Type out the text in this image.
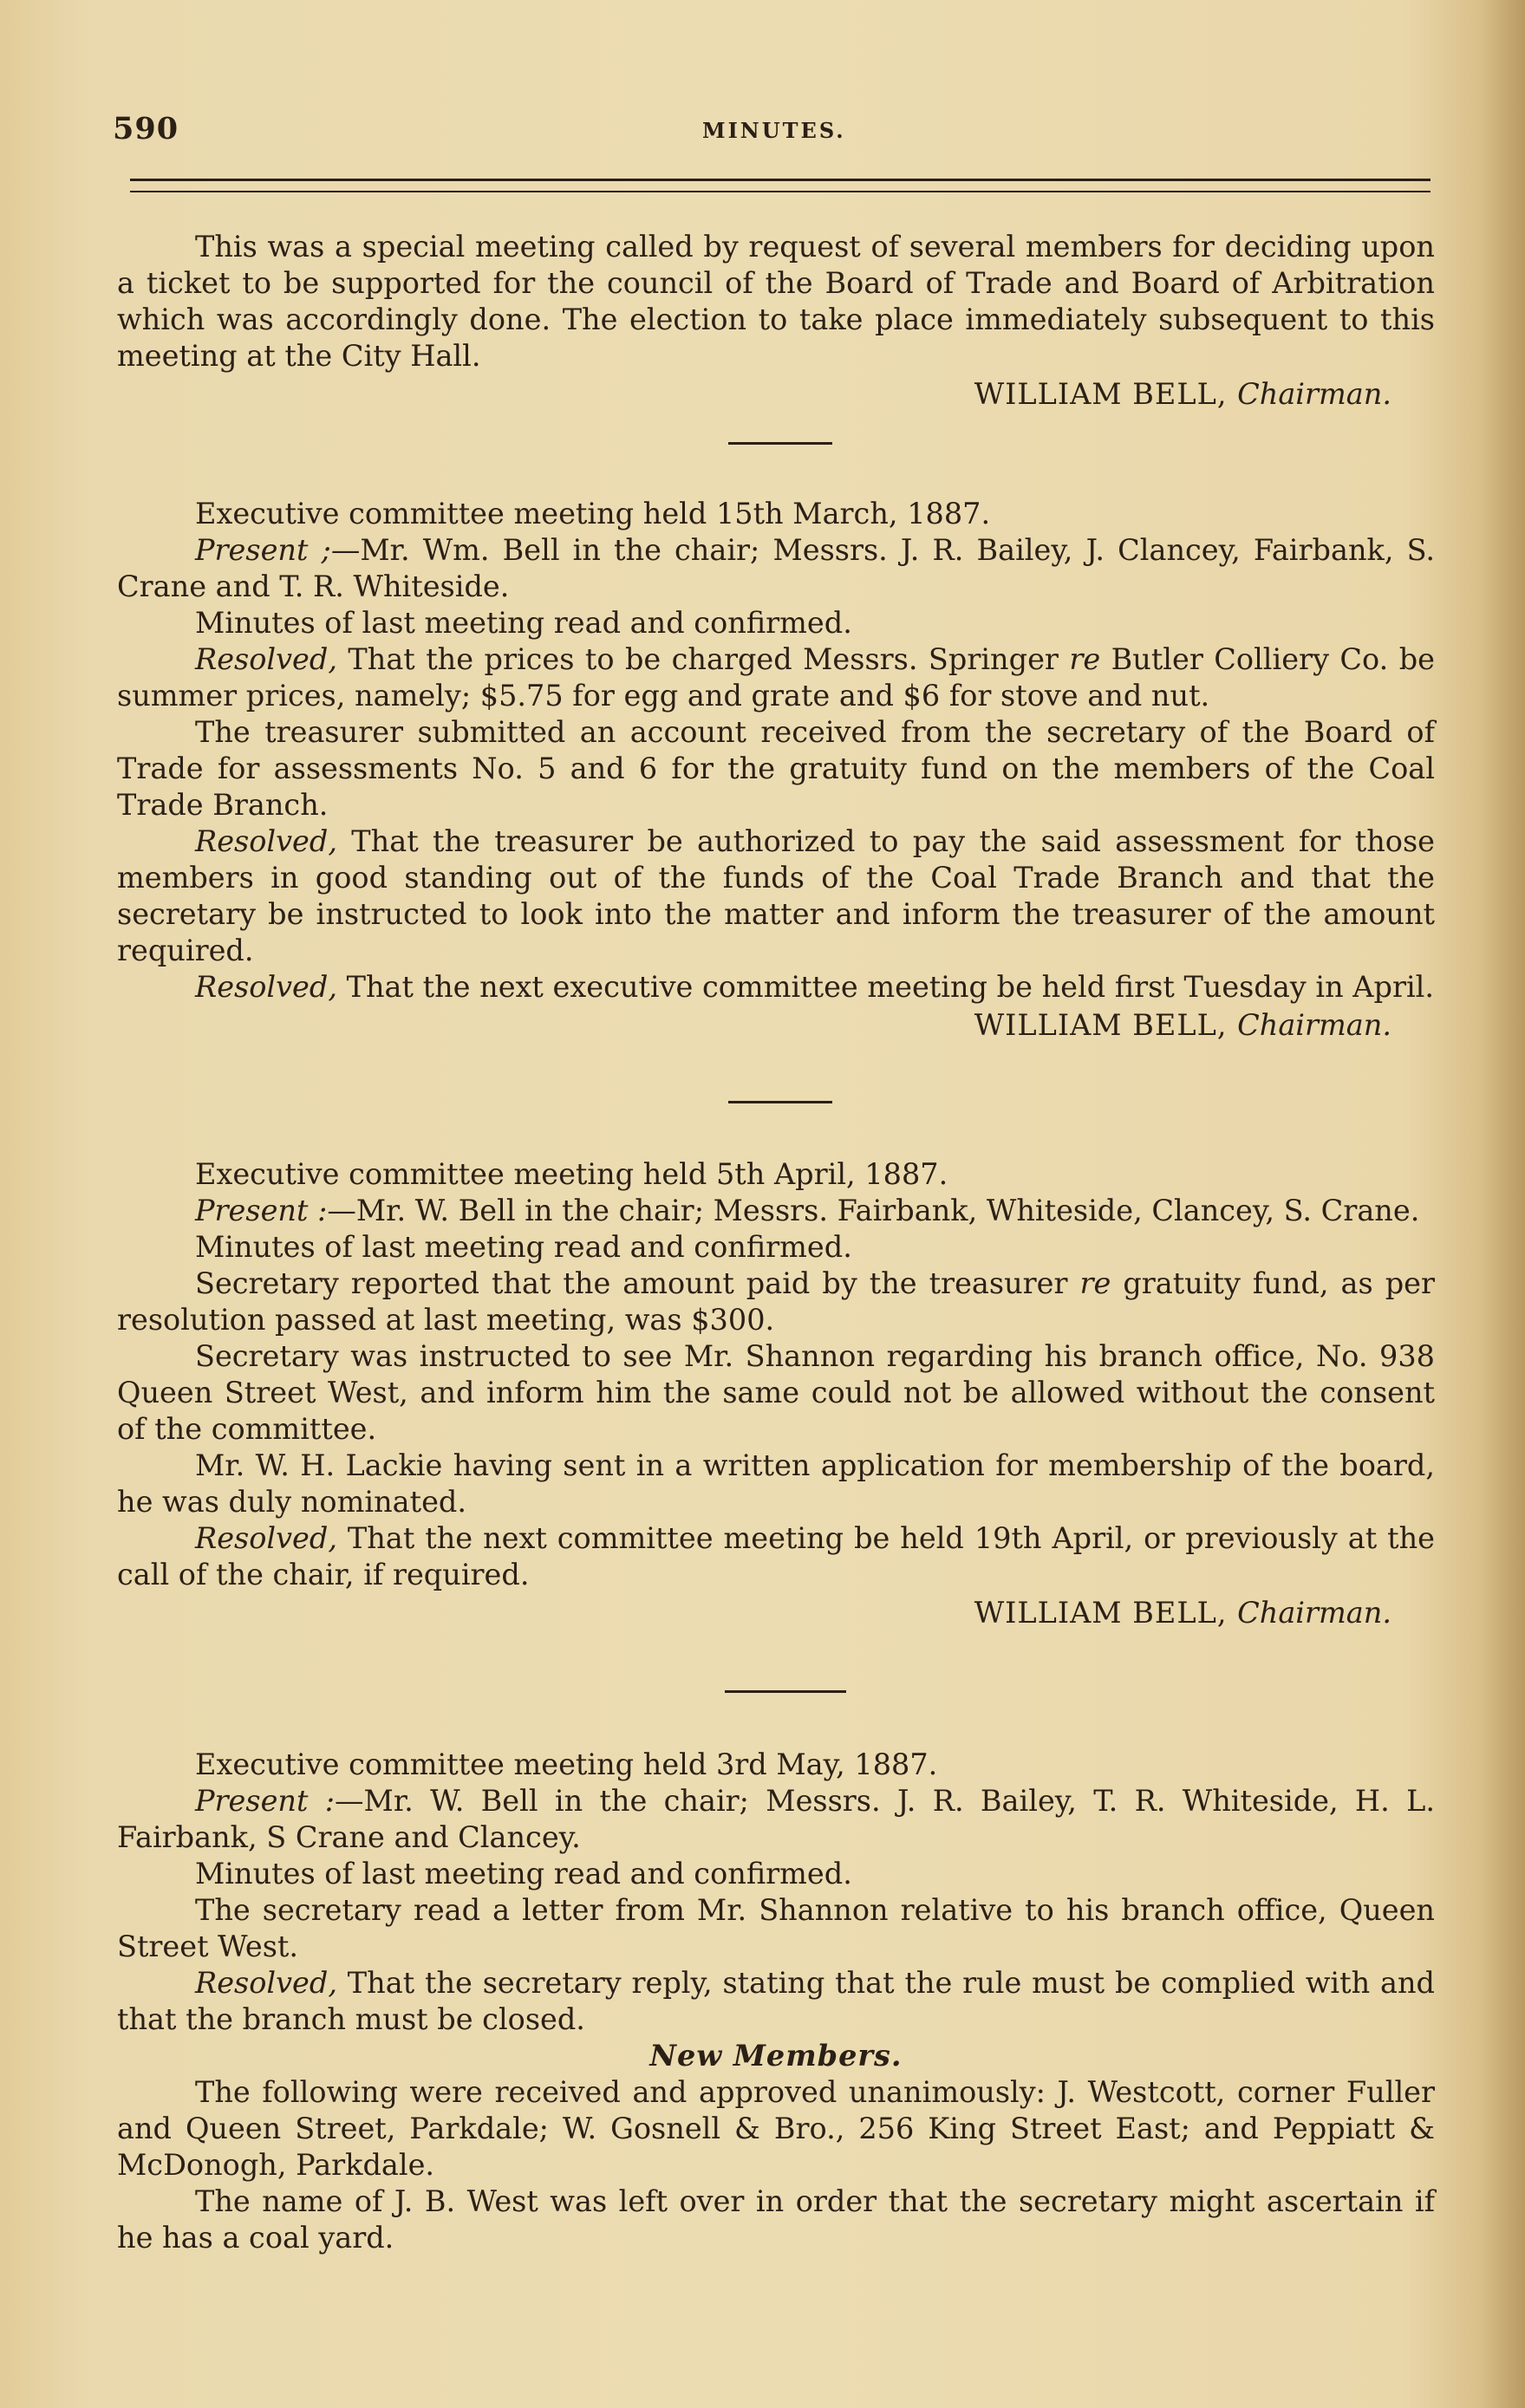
590	MINUTES.

This was a special meeting called by request of several members for deciding upon a ticket to be supported for the council of the Board of Trade and Board of Arbitration which was accordingly done. The election to take place immediately subsequent to this meeting at the City Hall.

WILLIAM BELL, Chairman.

Executive committee meeting held 15th March, 1887.

Present ;—Mr. Wm. Bell in the chair; Messrs. J. R. Bailey, J. Clancey, Fairbank, S. Crane and T. R. Whiteside.

Minutes of last meeting read and confirmed.

Resolved, That the prices to be charged Messrs. Springer re Butler Colliery Co. be summer prices, namely; $5.75 for egg and grate and $6 for stove and nut.

The treasurer submitted an account received from the secretary of the Board of Trade for assessments No. 5 and 6 for the gratuity fund on the members of the Coal Trade Branch.

Resolved, That the treasurer be authorized to pay the said assessment for those members in good standing out of the funds of the Coal Trade Branch and that the secretary be instructed to look into the matter and inform the treasurer of the amount required.

Resolved, That the next executive committee meeting be held first Tuesday in April.

WILLIAM BELL, Chairman.

Executive committee meeting held 5th April, 1887.

Present :—Mr. W. Bell in the chair; Messrs. Fairbank, Whiteside, Clancey, S. Crane.

Minutes of last meeting read and confirmed.

Secretary reported that the amount paid by the treasurer re gratuity fund, as per resolution passed at last meeting, was $300.

Secretary was instructed to see Mr. Shannon regarding his branch office, No. 938 Queen Street West, and inform him the same could not be allowed without the consent of the committee.

Mr. W. H. Lackie having sent in a written application for membership of the board, he was duly nominated.

Resolved, That the next committee meeting be held 19th April, or previously at the call of the chair, if required.

WILLIAM BELL, Chairman.

Executive committee meeting held 3rd May, 1887.

Present :—Mr. W. Bell in the chair; Messrs. J. R. Bailey, T. R. Whiteside, H. L. Fairbank, S Crane and Clancey.

Minutes of last meeting read and confirmed.

The secretary read a letter from Mr. Shannon relative to his branch office, Queen Street West.

Resolved, That the secretary reply, stating that the rule must be complied with and that the branch must be closed.

New Members.

The following were received and approved unanimously: J. Westcott, corner Fuller and Queen Street, Parkdale; W. Gosnell & Bro., 256 King Street East; and Peppiatt & McDonogh, Parkdale.

The name of J. B. West was left over in order that the secretary might ascertain if he has a coal yard.
